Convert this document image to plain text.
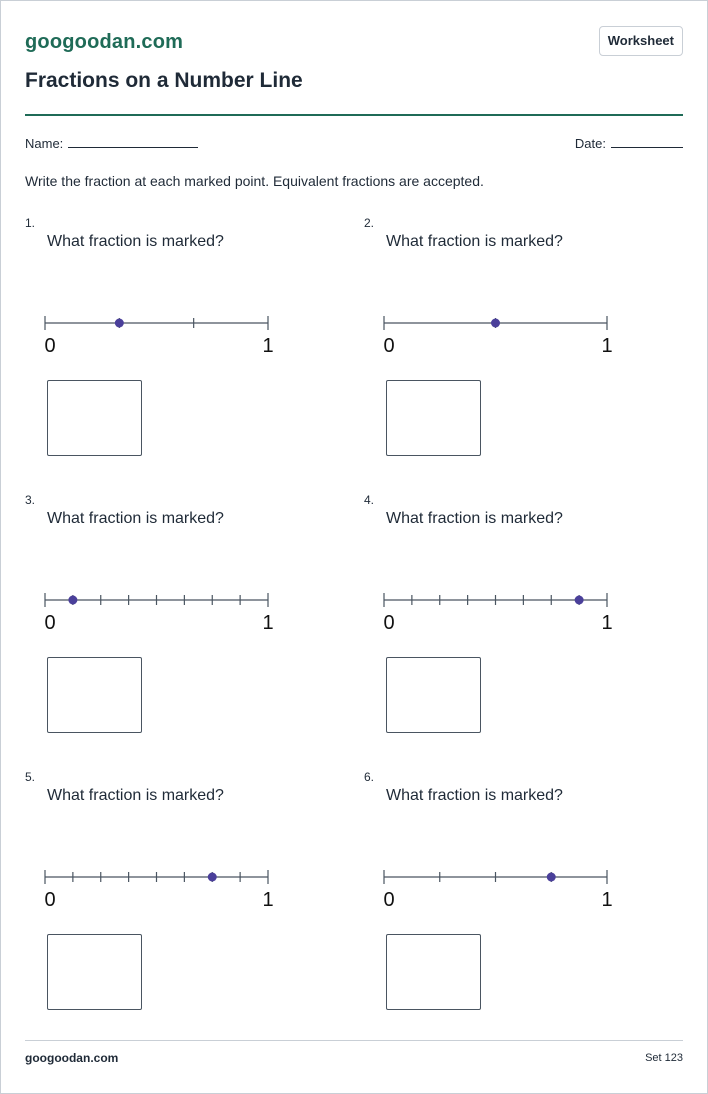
googoodan.com	Worksheet
Fractions on a Number Line
Name:	Date:
Write the fraction at each marked point. Equivalent fractions are accepted.
1.
What fraction is marked?
0	1
2.
What fraction is marked?
0	1
3.
What fraction is marked?
0	1
4.
What fraction is marked?
0	1
5.
What fraction is marked?
0	1
6.
What fraction is marked?
0	1
googoodan.com	Set 123
